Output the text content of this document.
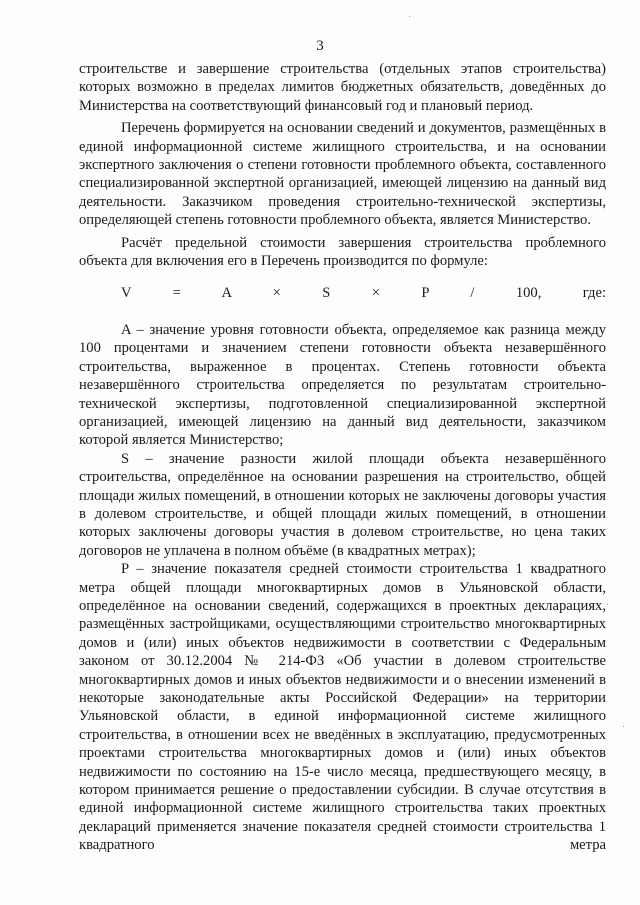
3

строительстве и завершение строительства (отдельных этапов строительства) которых возможно в пределах лимитов бюджетных обязательств, доведённых до Министерства на соответствующий финансовый год и плановый период.

Перечень формируется на основании сведений и документов, размещённых в единой информационной системе жилищного строительства, и на основании экспертного заключения о степени готовности проблемного объекта, составленного специализированной экспертной организацией, имеющей лицензию на данный вид деятельности. Заказчиком проведения строительно-технической экспертизы, определяющей степень готовности проблемного объекта, является Министерство.

Расчёт предельной стоимости завершения строительства проблемного объекта для включения его в Перечень производится по формуле:

V = A × S × P / 100, где:

A – значение уровня готовности объекта, определяемое как разница между 100 процентами и значением степени готовности объекта незавершённого строительства, выраженное в процентах. Степень готовности объекта незавершённого строительства определяется по результатам строительно-технической экспертизы, подготовленной специализированной экспертной организацией, имеющей лицензию на данный вид деятельности, заказчиком которой является Министерство;

S – значение разности жилой площади объекта незавершённого строительства, определённое на основании разрешения на строительство, общей площади жилых помещений, в отношении которых не заключены договоры участия в долевом строительстве, и общей площади жилых помещений, в отношении которых заключены договоры участия в долевом строительстве, но цена таких договоров не уплачена в полном объёме (в квадратных метрах);

P – значение показателя средней стоимости строительства 1 квадратного метра общей площади многоквартирных домов в Ульяновской области, определённое на основании сведений, содержащихся в проектных декларациях, размещённых застройщиками, осуществляющими строительство многоквартирных домов и (или) иных объектов недвижимости в соответствии с Федеральным законом от 30.12.2004 № 214-ФЗ «Об участии в долевом строительстве многоквартирных домов и иных объектов недвижимости и о внесении изменений в некоторые законодательные акты Российской Федерации» на территории Ульяновской области, в единой информационной системе жилищного строительства, в отношении всех не введённых в эксплуатацию, предусмотренных проектами строительства многоквартирных домов и (или) иных объектов недвижимости по состоянию на 15-е число месяца, предшествующего месяцу, в котором принимается решение о предоставлении субсидии. В случае отсутствия в единой информационной системе жилищного строительства таких проектных деклараций применяется значение показателя средней стоимости строительства 1 квадратного метра

·
·
·
